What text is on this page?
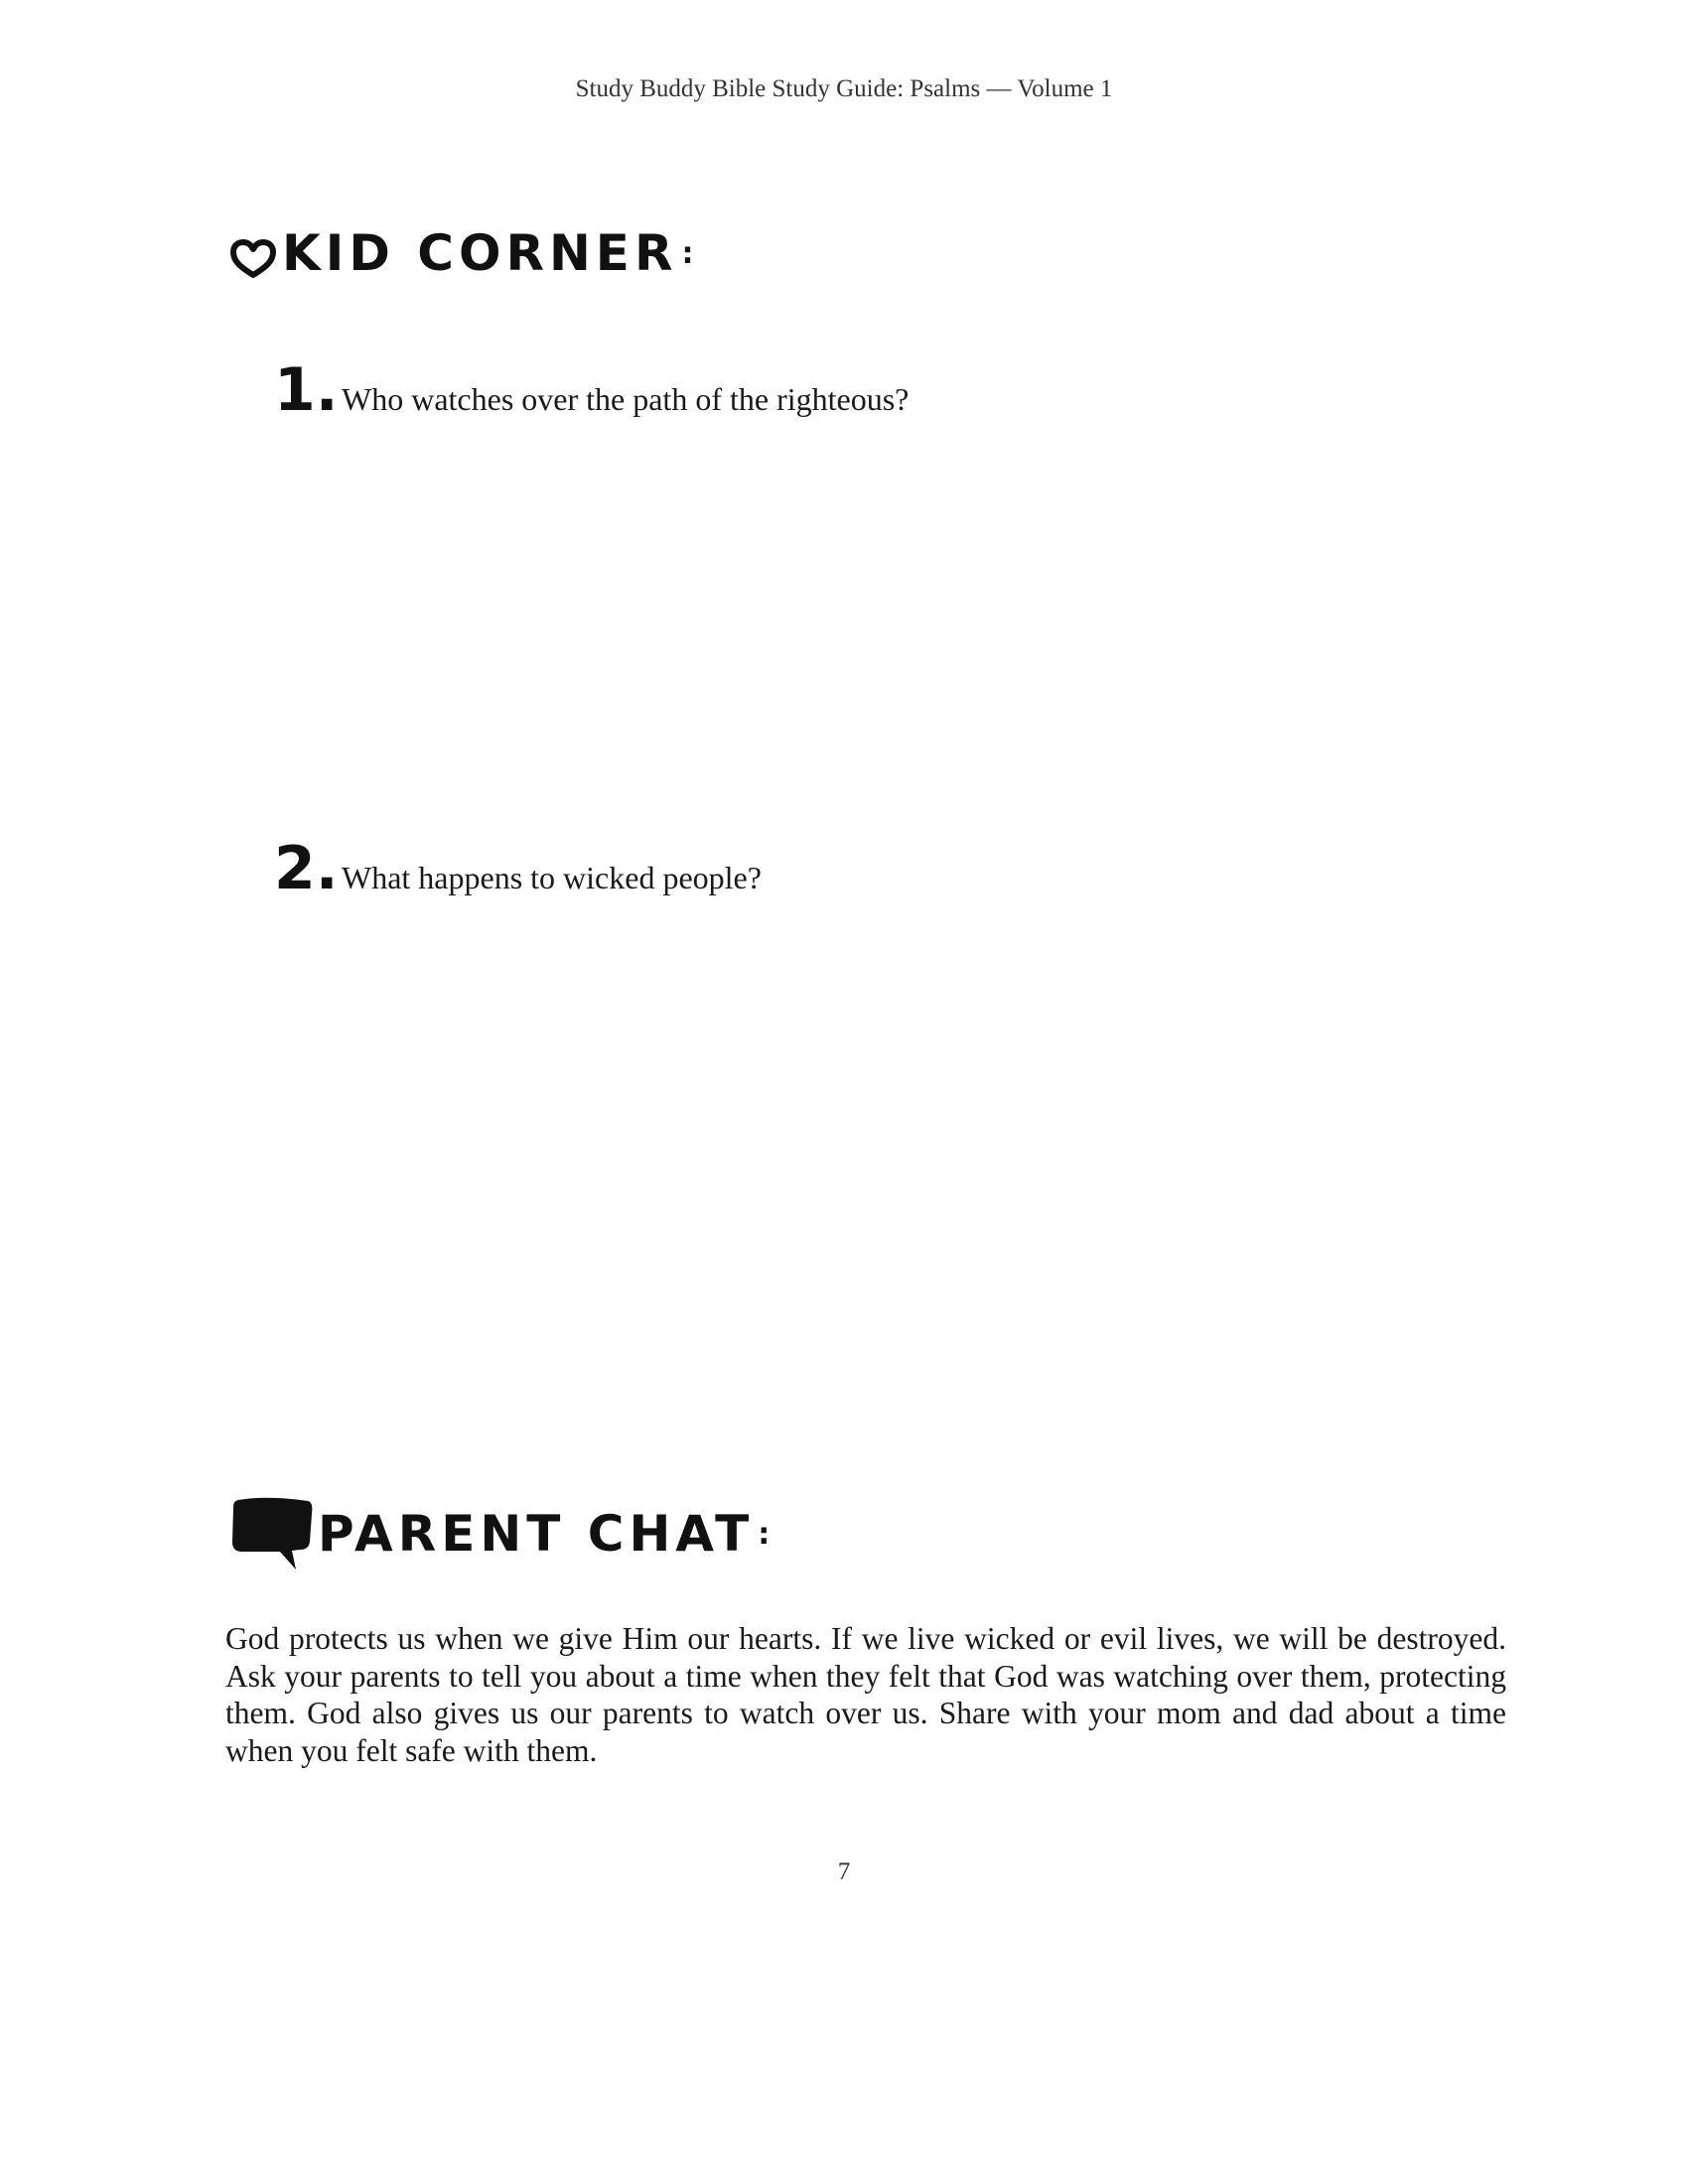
Study Buddy Bible Study Guide: Psalms — Volume 1
KID CORNER :
1. Who watches over the path of the righteous?
2. What happens to wicked people?
PARENT CHAT :

God protects us when we give Him our hearts. If we live wicked or evil lives, we will be destroyed. Ask your parents to tell you about a time when they felt that God was watching over them, protecting them. God also gives us our parents to watch over us. Share with your mom and dad about a time when you felt safe with them.

7
